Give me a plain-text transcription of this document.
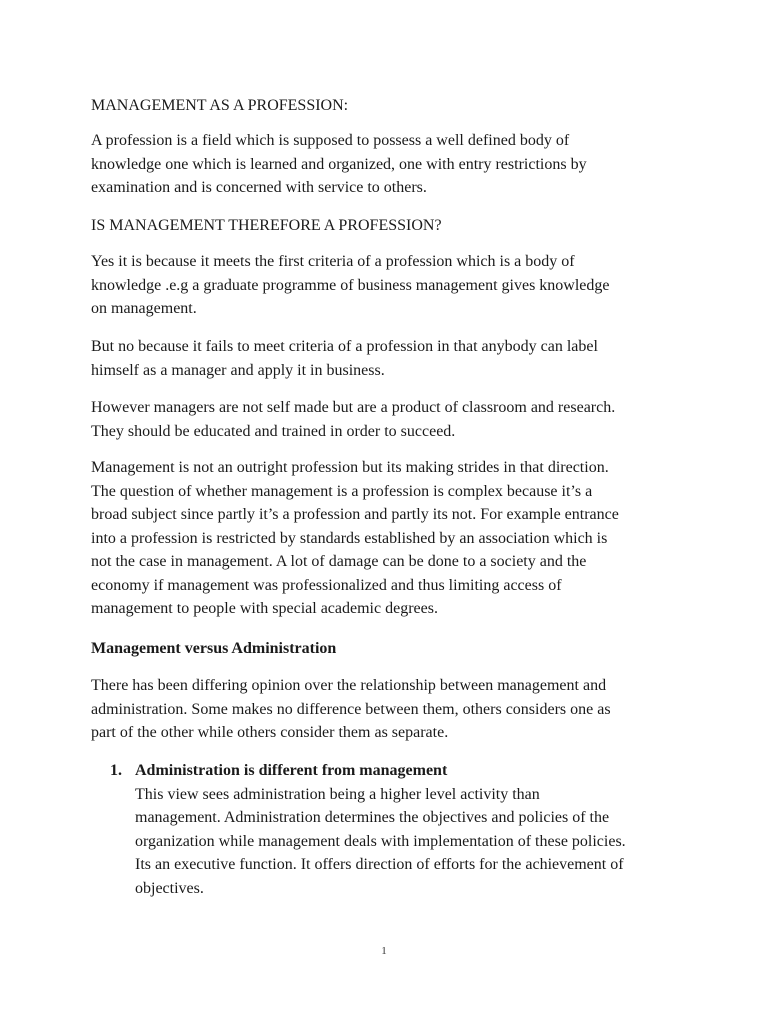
MANAGEMENT AS A PROFESSION:

A profession is a field which is supposed to possess a well defined body of
knowledge one which is learned and organized, one with entry restrictions by
examination and is concerned with service to others.

IS MANAGEMENT THEREFORE A PROFESSION?

Yes it is because it meets the first criteria of a profession which is a body of
knowledge .e.g a graduate programme of business management gives knowledge
on management.
But no because it fails to meet criteria of a profession in that anybody can label
himself as a manager and apply it in business.
However managers are not self made but are a product of classroom and research.
They should be educated and trained in order to succeed.
Management is not an outright profession but its making strides in that direction.
The question of whether management is a profession is complex because it’s a
broad subject since partly it’s a profession and partly its not. For example entrance
into a profession is restricted by standards established by an association which is
not the case in management. A lot of damage can be done to a society and the
economy if management was professionalized and thus limiting access of
management to people with special academic degrees.

Management versus Administration

There has been differing opinion over the relationship between management and
administration. Some makes no difference between them, others considers one as
part of the other while others consider them as separate.
1. Administration is different from management
This view sees administration being a higher level activity than
management. Administration determines the objectives and policies of the
organization while management deals with implementation of these policies.
Its an executive function. It offers direction of efforts for the achievement of
objectives.
1
